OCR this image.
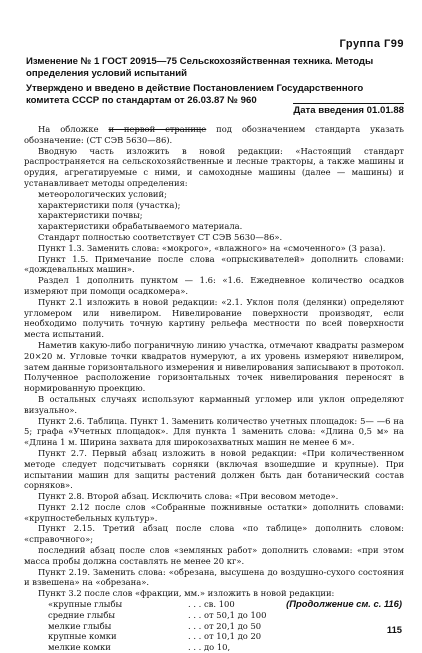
Группа Г99
Изменение № 1 ГОСТ 20915—75 Сельскохозяйственная техника. Методы определения условий испытаний
Утверждено и введено в действие Постановлением Государственного комитета СССР по стандартам от 26.03.87 № 960
Дата введения 01.01.88

На обложке и первой странице под обозначением стандарта указать обозначение: (СТ СЭВ 5630—86).

Вводную часть изложить в новой редакции: «Настоящий стандарт распространяется на сельскохозяйственные и лесные тракторы, а также машины и орудия, агрегатируемые с ними, и самоходные машины (далее — машины) и устанавливает методы определения:

метеорологических условий;
характеристики поля (участка);
характеристики почвы;
характеристики обрабатываемого материала.
Стандарт полностью соответствует СТ СЭВ 5630—86».

Пункт 1.3. Заменить слова: «мокрого», «влажного» на «смоченного» (3 раза).

Пункт 1.5. Примечание после слова «опрыскивателей» дополнить словами: «дождевальных машин».

Раздел 1 дополнить пунктом — 1.6: «1.6. Ежедневное количество осадков измеряют при помощи осадкомера».

Пункт 2.1 изложить в новой редакции: «2.1. Уклон поля (делянки) определяют угломером или нивелиром. Нивелирование поверхности производят, если необходимо получить точную картину рельефа местности по всей поверхности места испытаний.

Наметив какую-либо пограничную линию участка, отмечают квадраты размером 20×20 м. Угловые точки квадратов нумеруют, а их уровень измеряют нивелиром, затем данные горизонтального измерения и нивелирования записывают в протокол. Полученное расположение горизонтальных точек нивелирования переносят в нормированную проекцию.

В остальных случаях используют карманный угломер или уклон определяют визуально».

Пункт 2.6. Таблица. Пункт 1. Заменить количество учетных площадок: 5— —6 на 5; графа «Учетных площадок». Для пункта 1 заменить слова: «Длина 0,5 м» на «Длина 1 м. Ширина захвата для широкозахватных машин не менее 6 м».

Пункт 2.7. Первый абзац изложить в новой редакции: «При количественном методе следует подсчитывать сорняки (включая взошедшие и крупные). При испытании машин для защиты растений должен быть дан ботанический состав сорняков».

Пункт 2.8. Второй абзац. Исключить слова: «При весовом методе».

Пункт 2.12 после слов «Собранные пожнивные остатки» дополнить словами: «крупностебельных культур».

Пункт 2.15. Третий абзац после слова «по таблице» дополнить словом: «справочного»;

последний абзац после слов «земляных работ» дополнить словами: «при этом масса пробы должна составлять не менее 20 кг».

Пункт 2.19. Заменить слова: «обрезана, высушена до воздушно-сухого состояния и взвешена» на «обрезана».

Пункт 3.2 после слов «фракции, мм.» изложить в новой редакции:

«крупные глыбы	. . . св. 100
средние глыбы	. . . от 50,1 до 100
мелкие глыбы	. . . от 20,1 до 50
крупные комки	. . . от 10,1 до 20
мелкие комки	. . . до 10,
(Продолжение см. с. 116)
115
